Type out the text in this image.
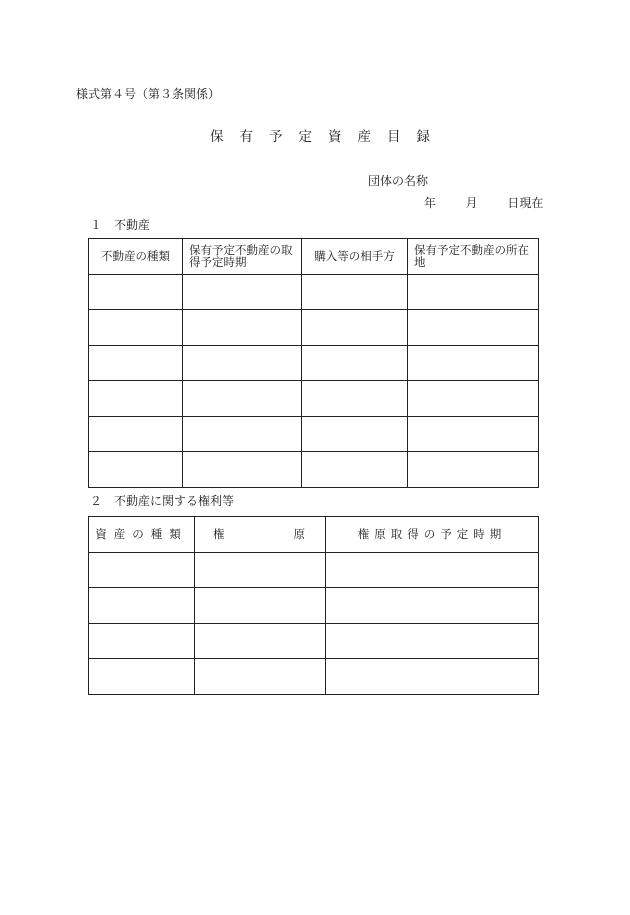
様式第４号（第３条関係）
保有予定資産目録
団体の名称
年 月 日現在
１　不動産
不動産の種類	保有予定不動産の取得予定時期	購入等の相手方	保有予定不動産の所在地

２　不動産に関する権利等
資産の種類	権 原	権原取得の予定時期
